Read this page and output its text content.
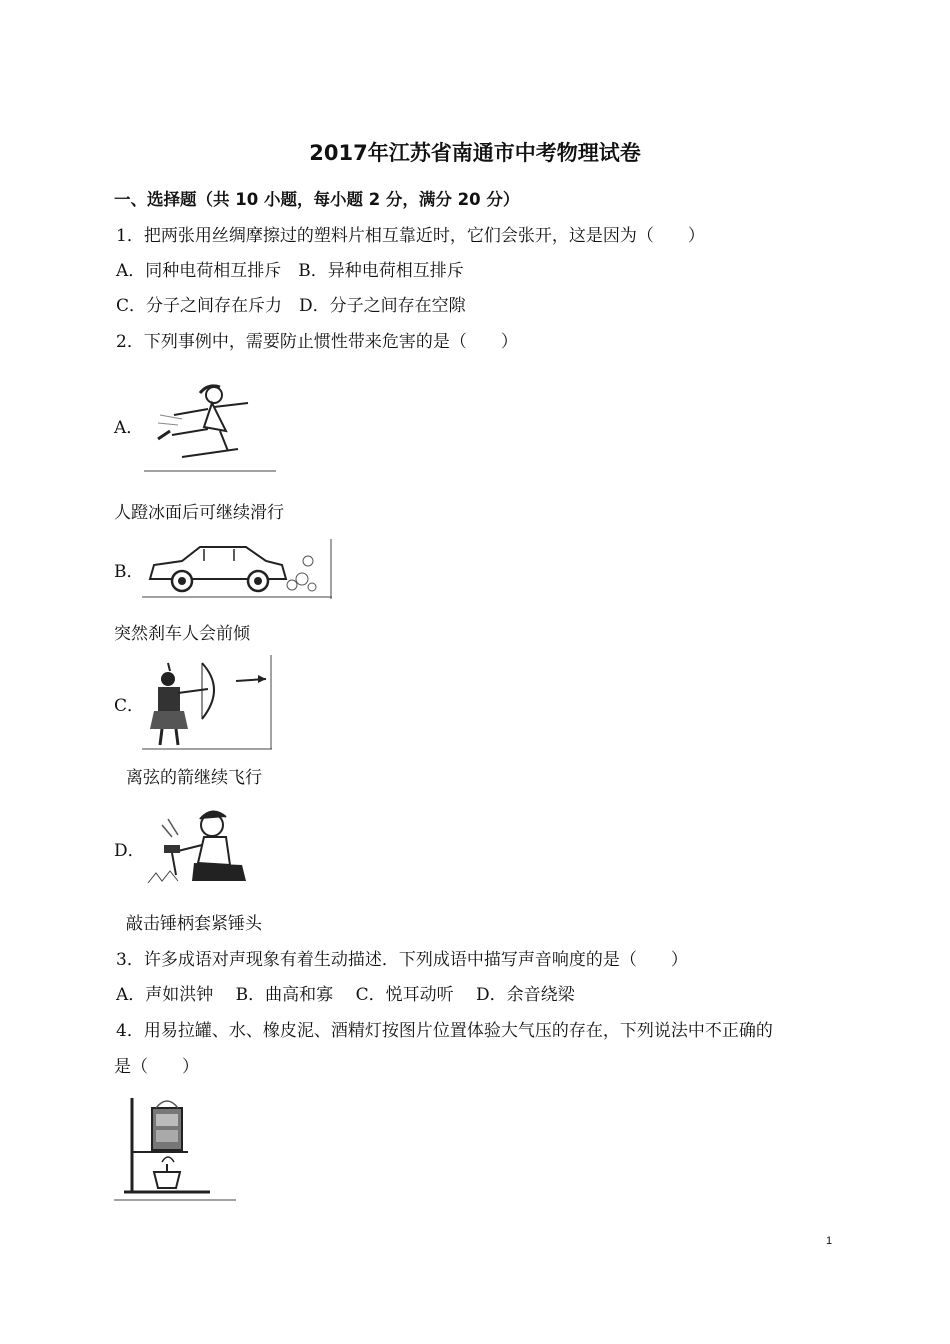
2017年江苏省南通市中考物理试卷
一、选择题（共 10 小题，每小题 2 分，满分 20 分）
1．把两张用丝绸摩擦过的塑料片相互靠近时，它们会张开，这是因为（　　）
A．同种电荷相互排斥　B．异种电荷相互排斥
C．分子之间存在斥力　D．分子之间存在空隙
2．下列事例中，需要防止惯性带来危害的是（　　）
A．
人蹬冰面后可继续滑行
B．
突然刹车人会前倾
C．
离弦的箭继续飞行
D．
敲击锤柄套紧锤头
3．许多成语对声现象有着生动描述．下列成语中描写声音响度的是（　　）
A．声如洪钟　 B．曲高和寡　 C．悦耳动听　 D．余音绕梁
4．用易拉罐、水、橡皮泥、酒精灯按图片位置体验大气压的存在，下列说法中不正确的
是（　　）
1
